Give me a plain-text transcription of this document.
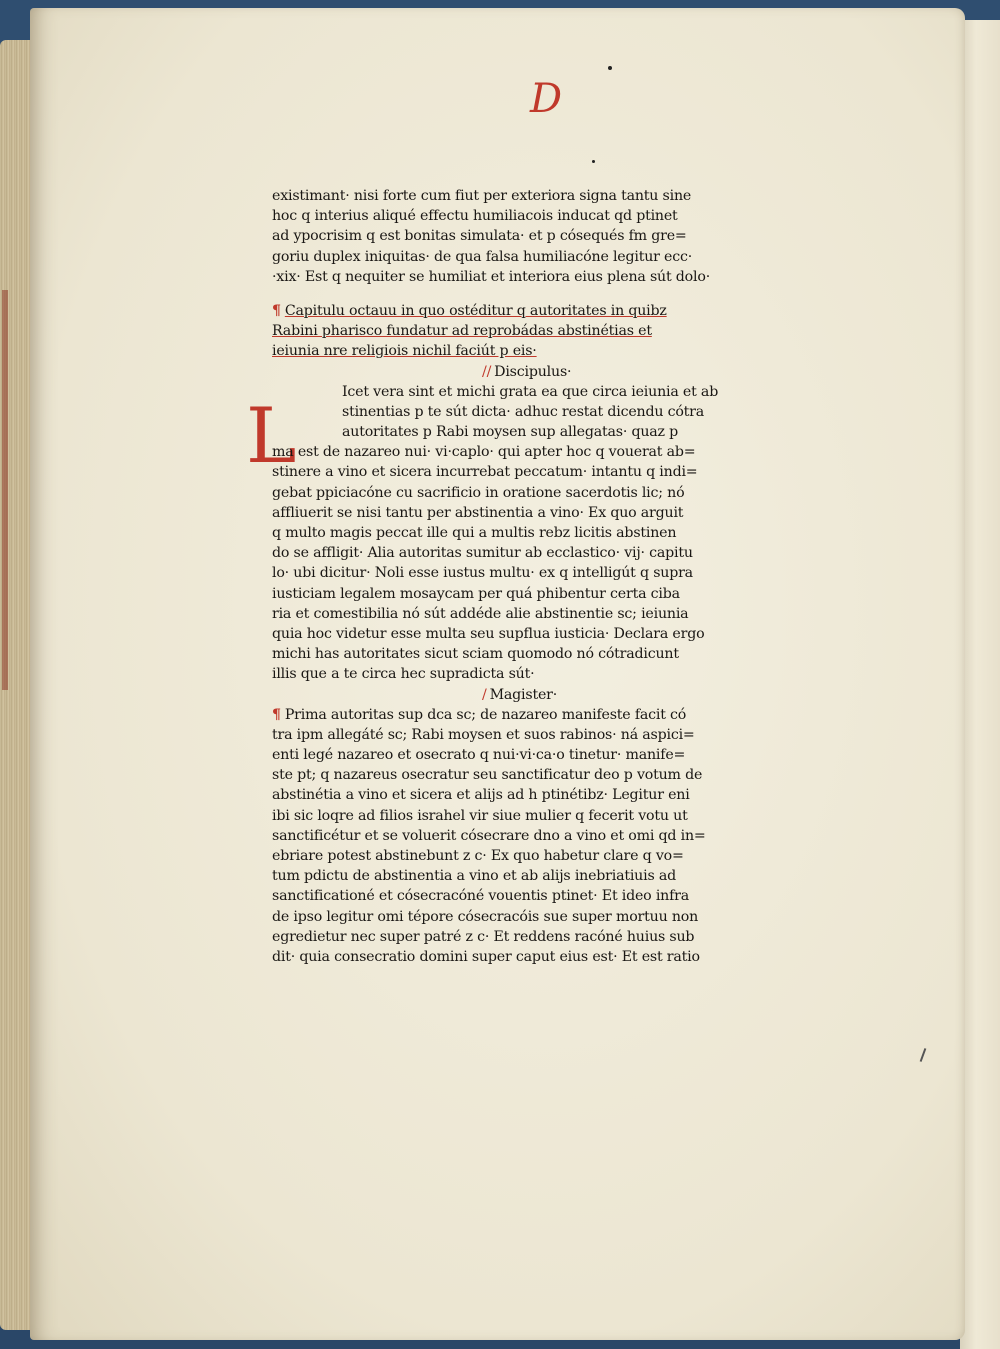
D
L
existimant· nisi forte cum fiut per exteriora signa tantu sine
hoc q interius aliqué effectu humiliacois inducat qd ptinet
ad ypocrisim q est bonitas simulata· et p cósequés fm gre=
goriu duplex iniquitas· de qua falsa humiliacóne legitur ecc·
·xix· Est q nequiter se humiliat et interiora eius plena sút dolo·
¶ Capitulu octauu in quo ostéditur q autoritates in quibz
Rabini pharisco fundatur ad reprobádas abstinétias et
ieiunia nre religiois nichil faciút p eis·
// Discipulus·
Icet vera sint et michi grata ea que circa ieiunia et ab
stinentias p te sút dicta· adhuc restat dicendu cótra
autoritates p Rabi moysen sup allegatas· quaz p
ma est de nazareo nui· vi·caplo· qui apter hoc q vouerat ab=
stinere a vino et sicera incurrebat peccatum· intantu q indi=
gebat ppiciacóne cu sacrificio in oratione sacerdotis lic; nó
affliuerit se nisi tantu per abstinentia a vino· Ex quo arguit
q multo magis peccat ille qui a multis rebz licitis abstinen
do se affligit· Alia autoritas sumitur ab ecclastico· vij· capitu
lo· ubi dicitur· Noli esse iustus multu· ex q intelligút q supra
iusticiam legalem mosaycam per quá phibentur certa ciba
ria et comestibilia nó sút addéde alie abstinentie sc; ieiunia
quia hoc videtur esse multa seu supflua iusticia· Declara ergo
michi has autoritates sicut sciam quomodo nó cótradicunt
illis que a te circa hec supradicta sút·
/ Magister·
¶ Prima autoritas sup dca sc; de nazareo manifeste facit có
tra ipm allegáté sc; Rabi moysen et suos rabinos· ná aspici=
enti legé nazareo et osecrato q nui·vi·ca·o tinetur· manife=
ste pt; q nazareus osecratur seu sanctificatur deo p votum de
abstinétia a vino et sicera et alijs ad h ptinétibz· Legitur eni
ibi sic loqre ad filios israhel vir siue mulier q fecerit votu ut
sanctificétur et se voluerit cósecrare dno a vino et omi qd in=
ebriare potest abstinebunt z c· Ex quo habetur clare q vo=
tum pdictu de abstinentia a vino et ab alijs inebriatiuis ad
sanctificationé et cósecracóné vouentis ptinet· Et ideo infra
de ipso legitur omi tépore cósecracóis sue super mortuu non
egredietur nec super patré z c· Et reddens racóné huius sub
dit· quia consecratio domini super caput eius est· Et est ratio
